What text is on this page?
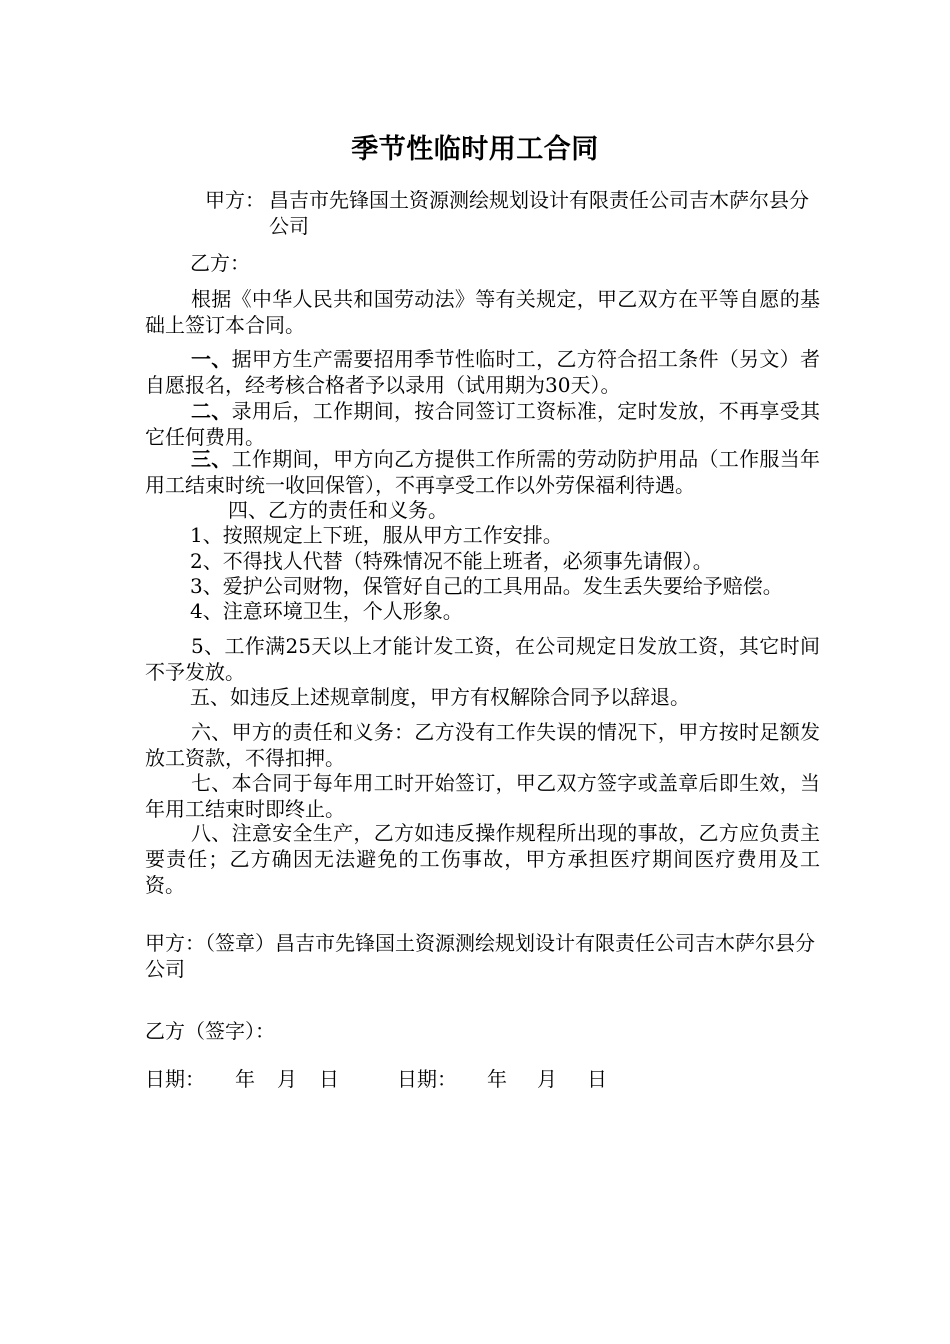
季节性临时用工合同
甲方： 昌吉市先锋国土资源测绘规划设计有限责任公司吉木萨尔县分公司
乙方：
根据《中华人民共和国劳动法》等有关规定，甲乙双方在平等自愿的基础上签订本合同。
一、据甲方生产需要招用季节性临时工，乙方符合招工条件（另文）者自愿报名，经考核合格者予以录用（试用期为30天）。
二、录用后，工作期间，按合同签订工资标准，定时发放，不再享受其它任何费用。
三、工作期间，甲方向乙方提供工作所需的劳动防护用品（工作服当年用工结束时统一收回保管），不再享受工作以外劳保福利待遇。
四、乙方的责任和义务。
1、按照规定上下班，服从甲方工作安排。
2、不得找人代替（特殊情况不能上班者，必须事先请假）。
3、爱护公司财物，保管好自己的工具用品。发生丢失要给予赔偿。
4、注意环境卫生，个人形象。
5、工作满25天以上才能计发工资，在公司规定日发放工资，其它时间不予发放。
五、如违反上述规章制度，甲方有权解除合同予以辞退。
六、甲方的责任和义务：乙方没有工作失误的情况下，甲方按时足额发放工资款，不得扣押。
七、本合同于每年用工时开始签订，甲乙双方签字或盖章后即生效，当年用工结束时即终止。
八、注意安全生产，乙方如违反操作规程所出现的事故，乙方应负责主要责任；乙方确因无法避免的工伤事故，甲方承担医疗期间医疗费用及工资。
甲方：（签章）昌吉市先锋国土资源测绘规划设计有限责任公司吉木萨尔县分公司
乙方（签字）：
日期： 年 月 日	日期： 年 月 日
